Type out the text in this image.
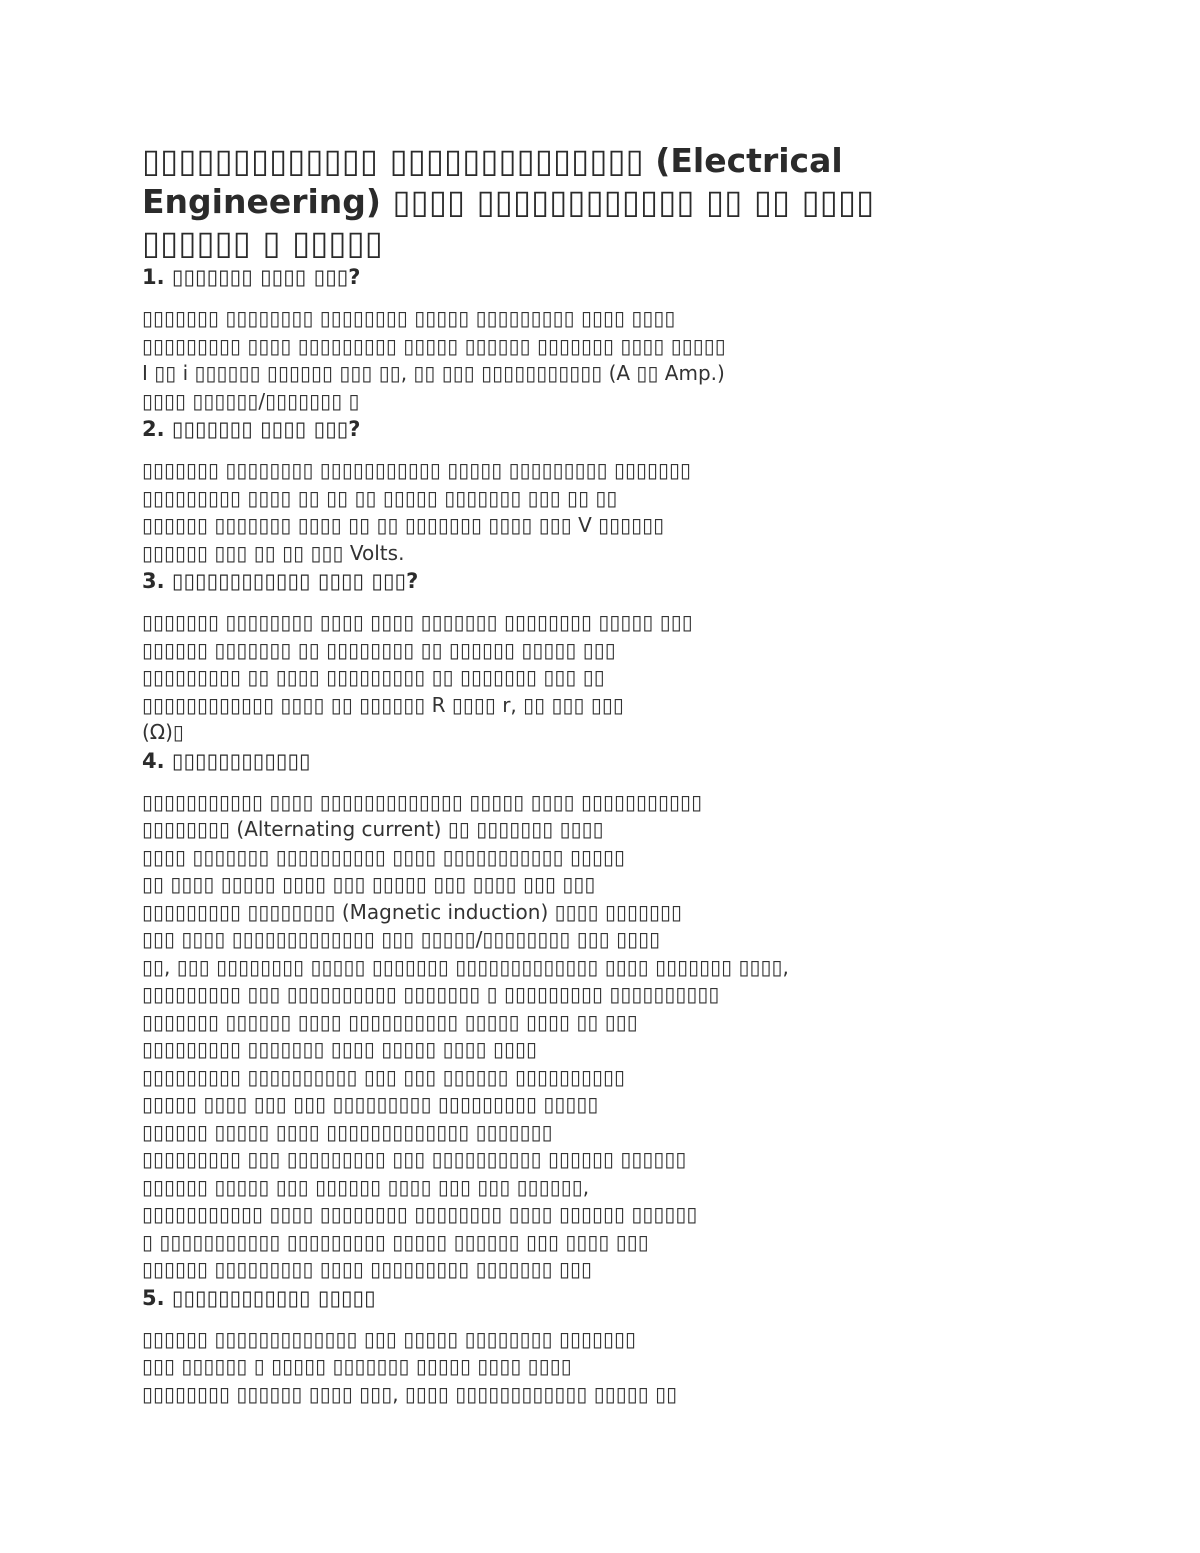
▯▯▯▯▯▯▯▯▯▯▯▯▯ ▯▯▯▯▯▯▯▯▯▯▯▯▯▯ (Electrical
Engineering) ▯▯▯▯ ▯▯▯▯▯▯▯▯▯▯▯▯ ▯▯ ▯▯ ▯▯▯▯
▯▯▯▯▯▯ ▯ ▯▯▯▯▯
1. ▯▯▯▯▯▯▯ ▯▯▯▯ ▯▯▯?
▯▯▯▯▯▯▯ ▯▯▯▯▯▯▯▯ ▯▯▯▯▯▯▯▯ ▯▯▯▯▯ ▯▯▯▯▯▯▯▯▯ ▯▯▯▯ ▯▯▯▯
▯▯▯▯▯▯▯▯▯ ▯▯▯▯ ▯▯▯▯▯▯▯▯▯ ▯▯▯▯▯ ▯▯▯▯▯▯ ▯▯▯▯▯▯▯ ▯▯▯▯ ▯▯▯▯▯
I ▯▯ i ▯▯▯▯▯▯ ▯▯▯▯▯▯ ▯▯▯ ▯▯, ▯▯ ▯▯▯ ▯▯▯▯▯▯▯▯▯▯▯ (A ▯▯ Amp.)
▯▯▯▯ ▯▯▯▯▯▯/▯▯▯▯▯▯▯ ▯
2. ▯▯▯▯▯▯▯ ▯▯▯▯ ▯▯▯?
▯▯▯▯▯▯▯ ▯▯▯▯▯▯▯▯ ▯▯▯▯▯▯▯▯▯▯▯ ▯▯▯▯▯ ▯▯▯▯▯▯▯▯▯ ▯▯▯▯▯▯▯
▯▯▯▯▯▯▯▯▯ ▯▯▯▯ ▯▯ ▯▯ ▯▯ ▯▯▯▯▯ ▯▯▯▯▯▯▯ ▯▯▯ ▯▯ ▯▯
▯▯▯▯▯▯ ▯▯▯▯▯▯▯ ▯▯▯▯ ▯▯ ▯▯ ▯▯▯▯▯▯▯ ▯▯▯▯ ▯▯▯ V ▯▯▯▯▯▯
▯▯▯▯▯▯ ▯▯▯ ▯▯ ▯▯ ▯▯▯ Volts.
3. ▯▯▯▯▯▯▯▯▯▯▯▯ ▯▯▯▯ ▯▯▯?
▯▯▯▯▯▯▯ ▯▯▯▯▯▯▯▯ ▯▯▯▯ ▯▯▯▯ ▯▯▯▯▯▯▯ ▯▯▯▯▯▯▯▯ ▯▯▯▯▯ ▯▯▯
▯▯▯▯▯▯ ▯▯▯▯▯▯▯ ▯▯ ▯▯▯▯▯▯▯▯ ▯▯ ▯▯▯▯▯▯ ▯▯▯▯▯ ▯▯▯
▯▯▯▯▯▯▯▯▯ ▯▯ ▯▯▯▯ ▯▯▯▯▯▯▯▯▯ ▯▯ ▯▯▯▯▯▯▯ ▯▯▯ ▯▯
▯▯▯▯▯▯▯▯▯▯▯▯ ▯▯▯▯ ▯▯ ▯▯▯▯▯▯ R ▯▯▯▯ r, ▯▯ ▯▯▯ ▯▯▯
(Ω)▯
4. ▯▯▯▯▯▯▯▯▯▯▯▯
▯▯▯▯▯▯▯▯▯▯▯ ▯▯▯▯ ▯▯▯▯▯▯▯▯▯▯▯▯▯ ▯▯▯▯▯ ▯▯▯▯ ▯▯▯▯▯▯▯▯▯▯▯
▯▯▯▯▯▯▯▯ (Alternating current) ▯▯ ▯▯▯▯▯▯▯ ▯▯▯▯
▯▯▯▯ ▯▯▯▯▯▯▯ ▯▯▯▯▯▯▯▯▯▯ ▯▯▯▯ ▯▯▯▯▯▯▯▯▯▯▯ ▯▯▯▯▯
▯▯ ▯▯▯▯ ▯▯▯▯▯ ▯▯▯▯ ▯▯▯ ▯▯▯▯▯ ▯▯▯ ▯▯▯▯ ▯▯▯ ▯▯▯
▯▯▯▯▯▯▯▯▯ ▯▯▯▯▯▯▯▯ (Magnetic induction) ▯▯▯▯ ▯▯▯▯▯▯▯
▯▯▯ ▯▯▯▯ ▯▯▯▯▯▯▯▯▯▯▯▯▯ ▯▯▯ ▯▯▯▯▯/▯▯▯▯▯▯▯▯ ▯▯▯ ▯▯▯▯
▯▯, ▯▯▯ ▯▯▯▯▯▯▯▯ ▯▯▯▯▯ ▯▯▯▯▯▯▯ ▯▯▯▯▯▯▯▯▯▯▯▯▯ ▯▯▯▯ ▯▯▯▯▯▯▯ ▯▯▯▯,
▯▯▯▯▯▯▯▯▯ ▯▯▯ ▯▯▯▯▯▯▯▯▯▯ ▯▯▯▯▯▯▯ ▯ ▯▯▯▯▯▯▯▯▯ ▯▯▯▯▯▯▯▯▯▯
▯▯▯▯▯▯▯ ▯▯▯▯▯▯ ▯▯▯▯ ▯▯▯▯▯▯▯▯▯▯ ▯▯▯▯▯ ▯▯▯▯ ▯▯ ▯▯▯
▯▯▯▯▯▯▯▯▯ ▯▯▯▯▯▯▯ ▯▯▯▯ ▯▯▯▯▯ ▯▯▯▯ ▯▯▯▯
▯▯▯▯▯▯▯▯▯ ▯▯▯▯▯▯▯▯▯▯ ▯▯▯ ▯▯▯ ▯▯▯▯▯▯ ▯▯▯▯▯▯▯▯▯▯
▯▯▯▯▯ ▯▯▯▯ ▯▯▯ ▯▯▯ ▯▯▯▯▯▯▯▯▯ ▯▯▯▯▯▯▯▯▯ ▯▯▯▯▯
▯▯▯▯▯▯ ▯▯▯▯▯ ▯▯▯▯ ▯▯▯▯▯▯▯▯▯▯▯▯▯ ▯▯▯▯▯▯▯
▯▯▯▯▯▯▯▯▯ ▯▯▯ ▯▯▯▯▯▯▯▯▯ ▯▯▯ ▯▯▯▯▯▯▯▯▯▯ ▯▯▯▯▯▯ ▯▯▯▯▯▯
▯▯▯▯▯▯ ▯▯▯▯▯ ▯▯▯ ▯▯▯▯▯▯ ▯▯▯▯ ▯▯▯ ▯▯▯ ▯▯▯▯▯▯,
▯▯▯▯▯▯▯▯▯▯▯ ▯▯▯▯ ▯▯▯▯▯▯▯▯ ▯▯▯▯▯▯▯▯ ▯▯▯▯ ▯▯▯▯▯▯ ▯▯▯▯▯▯
▯ ▯▯▯▯▯▯▯▯▯▯▯ ▯▯▯▯▯▯▯▯▯ ▯▯▯▯▯ ▯▯▯▯▯▯ ▯▯▯ ▯▯▯▯ ▯▯▯
▯▯▯▯▯▯ ▯▯▯▯▯▯▯▯▯ ▯▯▯▯ ▯▯▯▯▯▯▯▯▯ ▯▯▯▯▯▯▯ ▯▯▯
5. ▯▯▯▯▯▯▯▯▯▯▯▯ ▯▯▯▯▯
▯▯▯▯▯▯ ▯▯▯▯▯▯▯▯▯▯▯▯▯ ▯▯▯ ▯▯▯▯▯ ▯▯▯▯▯▯▯▯ ▯▯▯▯▯▯▯
▯▯▯ ▯▯▯▯▯▯ ▯ ▯▯▯▯▯ ▯▯▯▯▯▯▯ ▯▯▯▯▯ ▯▯▯▯ ▯▯▯▯
▯▯▯▯▯▯▯▯ ▯▯▯▯▯▯ ▯▯▯▯ ▯▯▯, ▯▯▯▯ ▯▯▯▯▯▯▯▯▯▯▯▯ ▯▯▯▯▯ ▯▯
